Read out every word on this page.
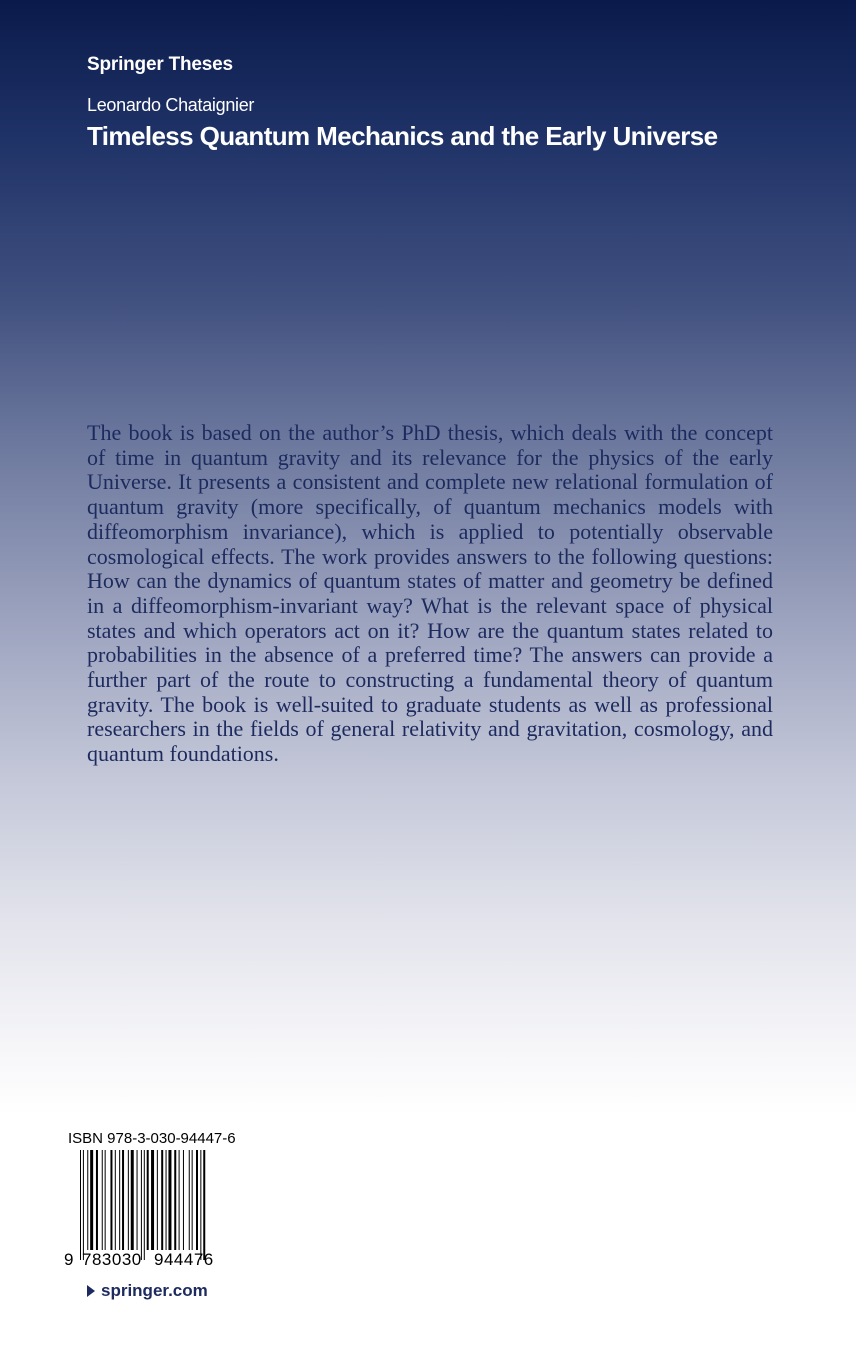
Springer Theses
Leonardo Chataignier
Timeless Quantum Mechanics and the Early Universe

The book is based on the author’s PhD thesis, which deals with the concept of time in quantum gravity and its relevance for the physics of the early Universe. It presents a consistent and complete new relational formulation of quantum gravity (more specifically, of quantum mechanics models with diffeomorphism invariance), which is applied to potentially observable cosmological effects. The work provides answers to the following questions: How can the dynamics of quantum states of matter and geometry be defined in a diffeomorphism-invariant way? What is the relevant space of physical states and which operators act on it? How are the quantum states related to probabilities in the absence of a preferred time? The answers can provide a further part of the route to constructing a fundamental theory of quantum gravity. The book is well-suited to graduate students as well as professional researchers in the fields of general relativity and gravitation, cosmology, and quantum foundations.

ISBN 978-3-030-94447-6
9 783030 944476
springer.com
